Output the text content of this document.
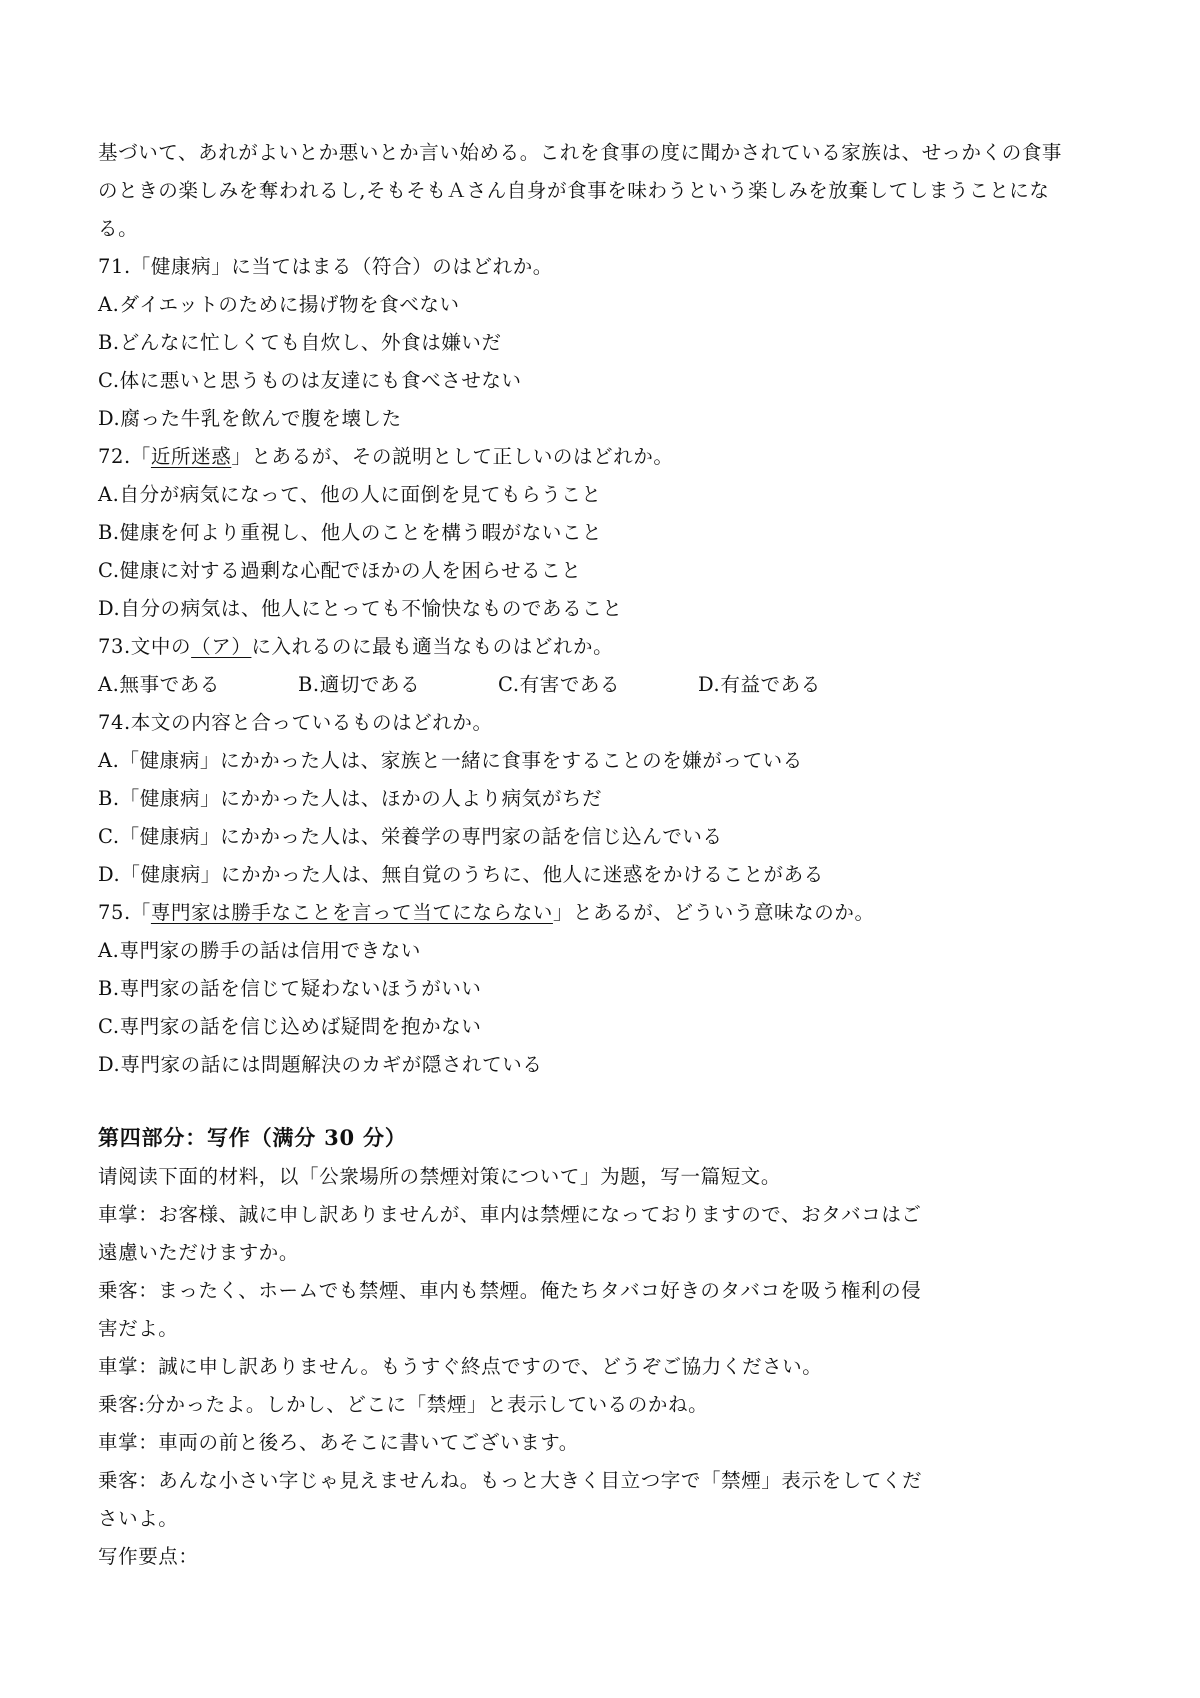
基づいて、あれがよいとか悪いとか言い始める。これを食事の度に聞かされている家族は、せっかくの食事
のときの楽しみを奪われるし,そもそもＡさん自身が食事を味わうという楽しみを放棄してしまうことにな
る。
71.「健康病」に当てはまる（符合）のはどれか。
A.ダイエットのために揚げ物を食べない
B.どんなに忙しくても自炊し、外食は嫌いだ
C.体に悪いと思うものは友達にも食べさせない
D.腐った牛乳を飲んで腹を壊した
72.「近所迷惑」とあるが、その説明として正しいのはどれか。
A.自分が病気になって、他の人に面倒を見てもらうこと
B.健康を何より重視し、他人のことを構う暇がないこと
C.健康に対する過剰な心配でほかの人を困らせること
D.自分の病気は、他人にとっても不愉快なものであること
73.文中の（ア）に入れるのに最も適当なものはどれか。
A.無事である	B.適切である	C.有害である	D.有益である
74.本文の内容と合っているものはどれか。
A.「健康病」にかかった人は、家族と一緒に食事をすることのを嫌がっている
B.「健康病」にかかった人は、ほかの人より病気がちだ
C.「健康病」にかかった人は、栄養学の専門家の話を信じ込んでいる
D.「健康病」にかかった人は、無自覚のうちに、他人に迷惑をかけることがある
75.「専門家は勝手なことを言って当てにならない」とあるが、どういう意味なのか。
A.専門家の勝手の話は信用できない
B.専門家の話を信じて疑わないほうがいい
C.専門家の話を信じ込めば疑問を抱かない
D.専門家の話には問題解決のカギが隠されている
第四部分：写作（满分 30 分）
请阅读下面的材料，以「公衆場所の禁煙対策について」为题，写一篇短文。
車掌：お客様、誠に申し訳ありませんが、車内は禁煙になっておりますので、おタバコはご
遠慮いただけますか。
乗客：まったく、ホームでも禁煙、車内も禁煙。俺たちタバコ好きのタバコを吸う権利の侵
害だよ。
車掌：誠に申し訳ありません。もうすぐ終点ですので、どうぞご協力ください。
乗客:分かったよ。しかし、どこに「禁煙」と表示しているのかね。
車掌：車両の前と後ろ、あそこに書いてございます。
乗客：あんな小さい字じゃ見えませんね。もっと大きく目立つ字で「禁煙」表示をしてくだ
さいよ。
写作要点：
